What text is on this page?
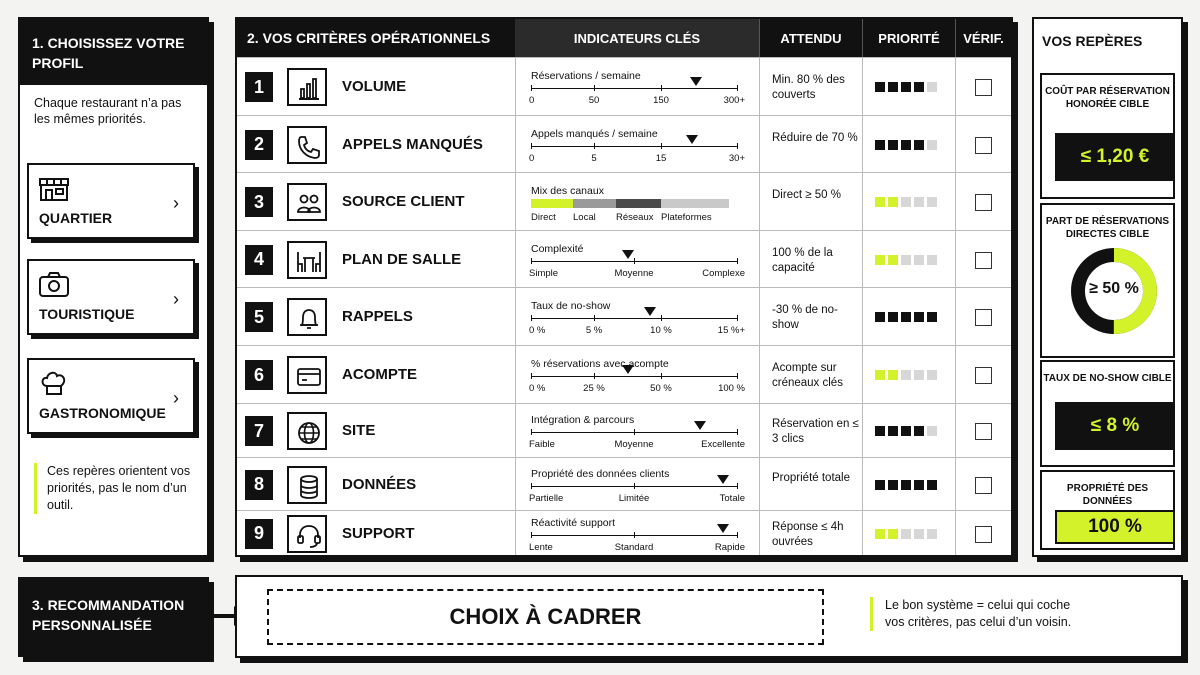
1. CHOISISSEZ VOTRE PROFIL
Chaque restaurant n’a pas les mêmes priorités.
QUARTIER
›
TOURISTIQUE
›
GASTRONOMIQUE
›
Ces repères orientent vos priorités, pas le nom d’un outil.
2. VOS CRITÈRES OPÉRATIONNELS	INDICATEURS CLÉS	ATTENDU	PRIORITÉ	VÉRIF.
1	VOLUME
Réservations / semaine
0	50	150	300+
Min. 80 % des couverts
2	APPELS MANQUÉS
Appels manqués / semaine
0	5	15	30+
Réduire de 70 %
3	SOURCE CLIENT
Mix des canaux
Direct Local Réseaux Plateformes
Direct ≥ 50 %
4	PLAN DE SALLE
Complexité
Simple	Moyenne	Complexe
100 % de la capacité
5	RAPPELS
Taux de no-show
0 %	5 %	10 %	15 %+
-30 % de no-show
6	ACOMPTE
% réservations avec acompte
0 %	25 %	50 %	100 %
Acompte sur créneaux clés
7	SITE
Intégration & parcours
Faible	Moyenne	Excellente
Réservation en ≤ 3 clics
8	DONNÉES
Propriété des données clients
Partielle	Limitée	Totale
Propriété totale
9	SUPPORT
Réactivité support
Lente	Standard	Rapide
Réponse ≤ 4h ouvrées
VOS REPÈRES
COÛT PAR RÉSERVATION HONORÉE CIBLE
≤ 1,20 €
PART DE RÉSERVATIONS DIRECTES CIBLE
≥ 50 %
TAUX DE NO-SHOW CIBLE
≤ 8 %
PROPRIÉTÉ DES DONNÉES
100 %
3. RECOMMANDATION PERSONNALISÉE	CHOIX À CADRER	Le bon système = celui qui coche vos critères, pas celui d’un voisin.
